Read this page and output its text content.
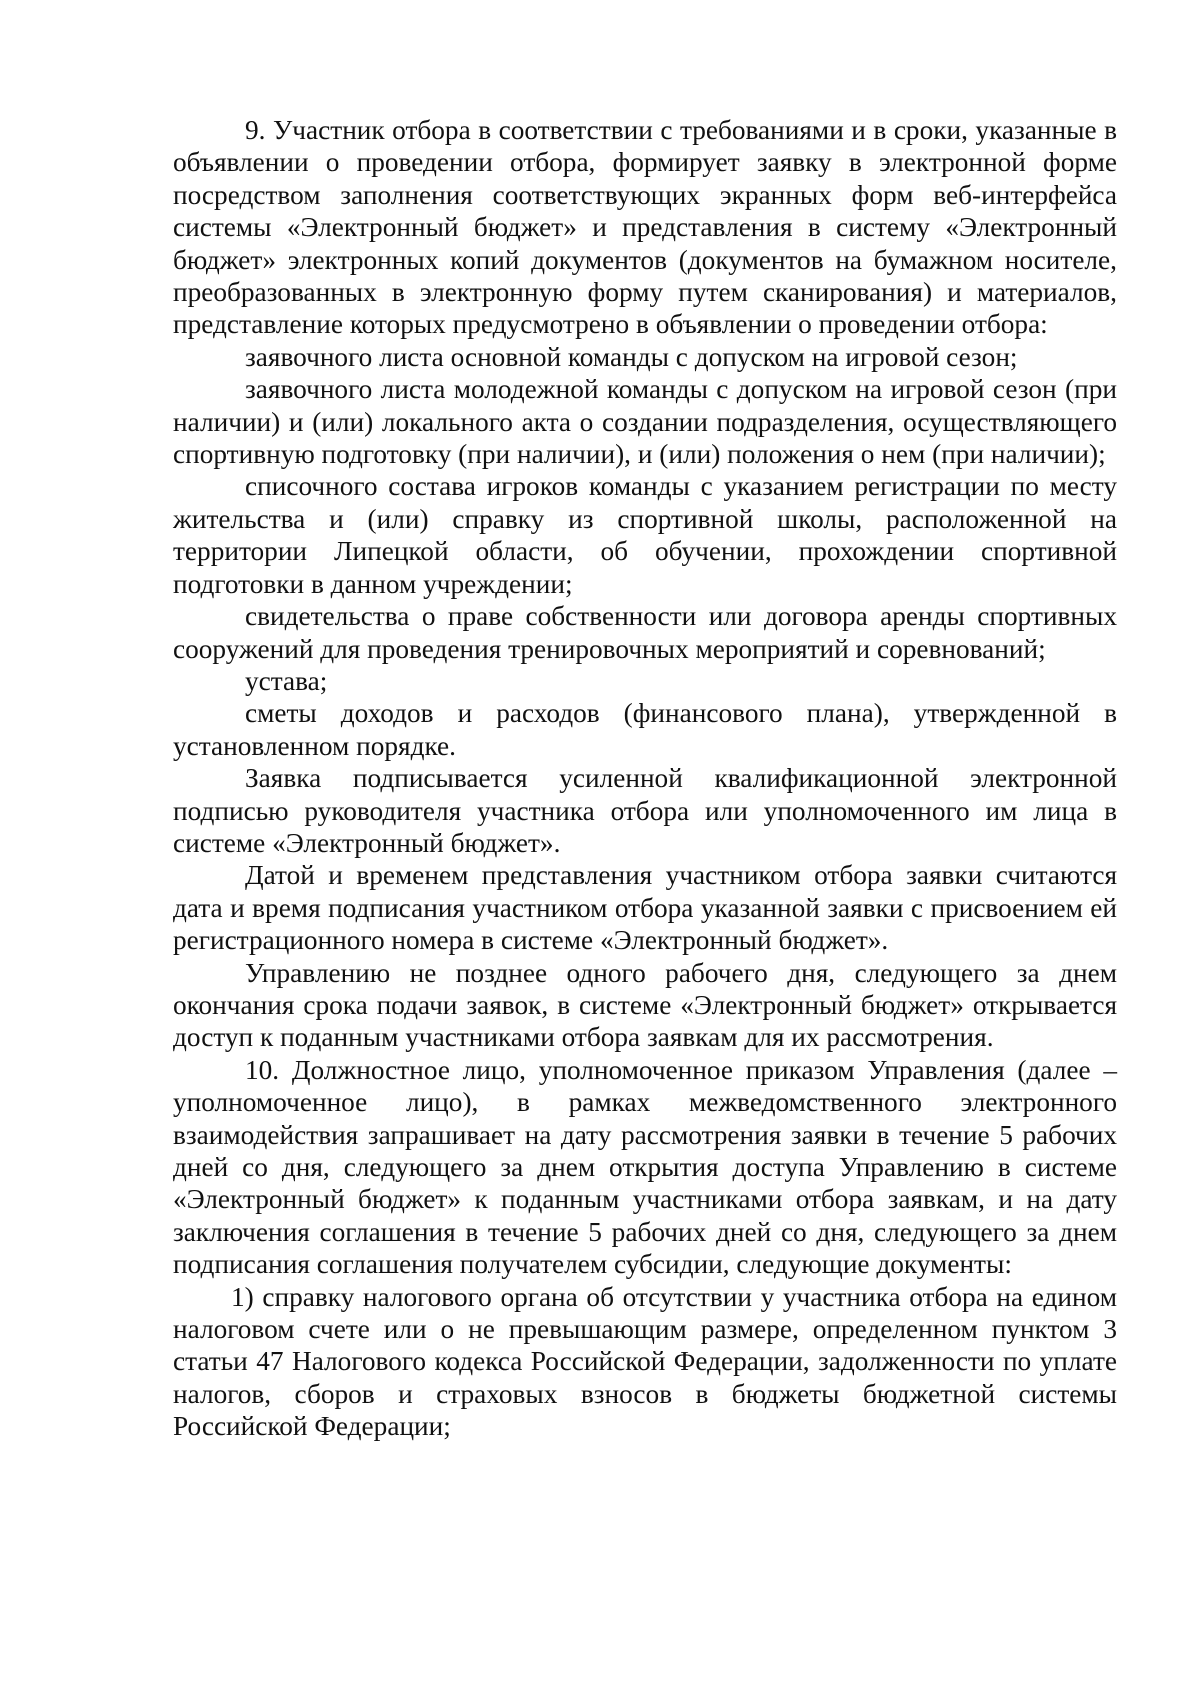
9. Участник отбора в соответствии с требованиями и в сроки, указанные в объявлении о проведении отбора, формирует заявку в электронной форме посредством заполнения соответствующих экранных форм веб-интерфейса системы «Электронный бюджет» и представления в систему «Электронный бюджет» электронных копий документов (документов на бумажном носителе, преобразованных в электронную форму путем сканирования) и материалов, представление которых предусмотрено в объявлении о проведении отбора:

заявочного листа основной команды с допуском на игровой сезон;

заявочного листа молодежной команды с допуском на игровой сезон (при наличии) и (или) локального акта о создании подразделения, осуществляющего спортивную подготовку (при наличии), и (или) положения о нем (при наличии);

списочного состава игроков команды с указанием регистрации по месту жительства и (или) справку из спортивной школы, расположенной на территории Липецкой области, об обучении, прохождении спортивной подготовки в данном учреждении;

свидетельства о праве собственности или договора аренды спортивных сооружений для проведения тренировочных мероприятий и соревнований;

устава;

сметы доходов и расходов (финансового плана), утвержденной в установленном порядке.

Заявка подписывается усиленной квалификационной электронной подписью руководителя участника отбора или уполномоченного им лица в системе «Электронный бюджет».

Датой и временем представления участником отбора заявки считаются дата и время подписания участником отбора указанной заявки с присвоением ей регистрационного номера в системе «Электронный бюджет».

Управлению не позднее одного рабочего дня, следующего за днем окончания срока подачи заявок, в системе «Электронный бюджет» открывается доступ к поданным участниками отбора заявкам для их рассмотрения.

10. Должностное лицо, уполномоченное приказом Управления (далее – уполномоченное лицо), в рамках межведомственного электронного взаимодействия запрашивает на дату рассмотрения заявки в течение 5 рабочих дней со дня, следующего за днем открытия доступа Управлению в системе «Электронный бюджет» к поданным участниками отбора заявкам, и на дату заключения соглашения в течение 5 рабочих дней со дня, следующего за днем подписания соглашения получателем субсидии, следующие документы:

1) справку налогового органа об отсутствии у участника отбора на едином налоговом счете или о не превышающим размере, определенном пунктом 3 статьи 47 Налогового кодекса Российской Федерации, задолженности по уплате налогов, сборов и страховых взносов в бюджеты бюджетной системы Российской Федерации;
